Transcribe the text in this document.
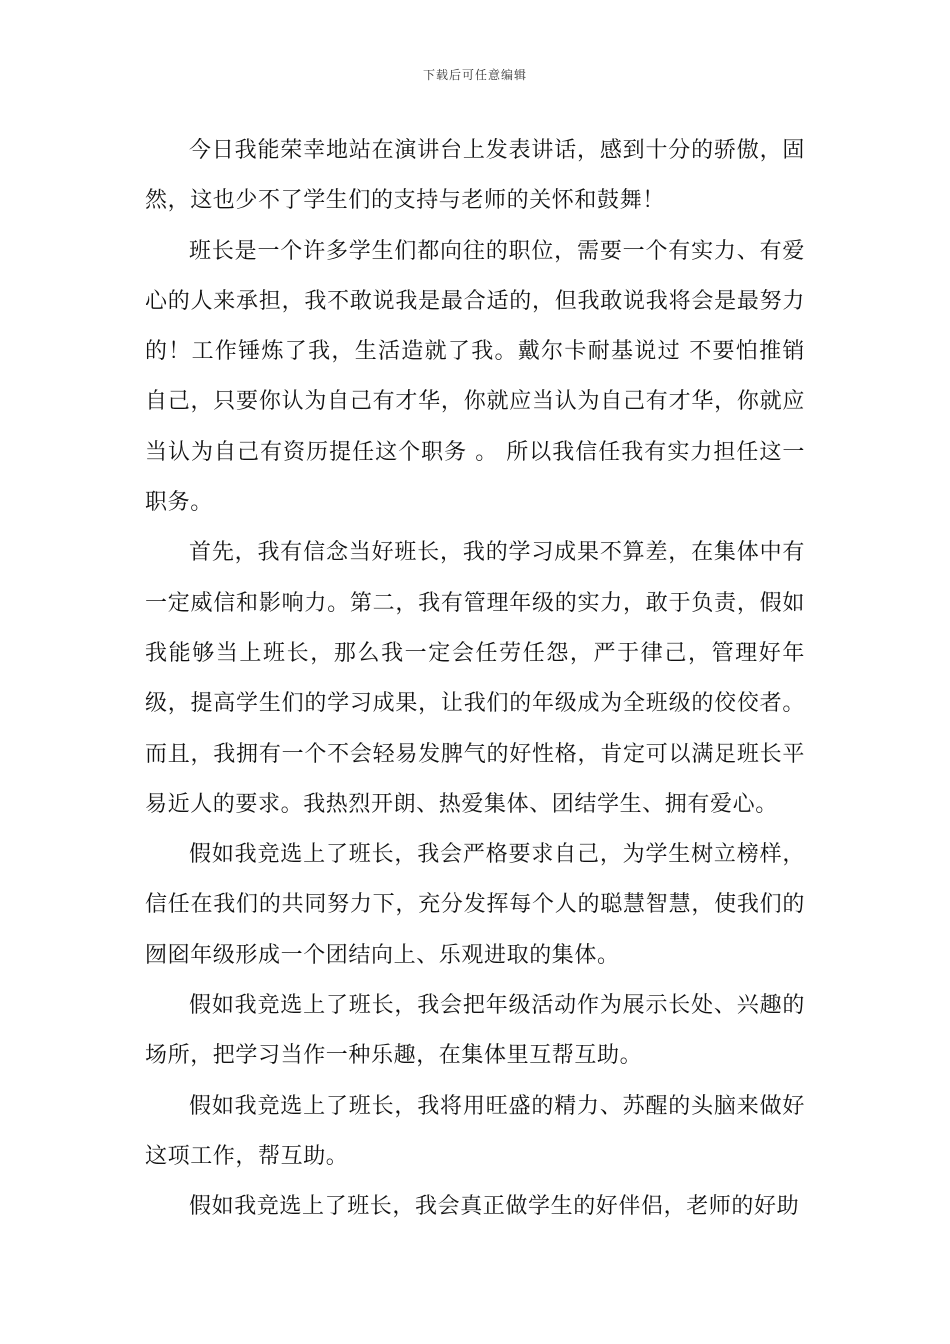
下载后可任意编辑

今日我能荣幸地站在演讲台上发表讲话，感到十分的骄傲，固然，这也少不了学生们的支持与老师的关怀和鼓舞！

班长是一个许多学生们都向往的职位，需要一个有实力、有爱心的人来承担，我不敢说我是最合适的，但我敢说我将会是最努力的！工作锤炼了我，生活造就了我。戴尔卡耐基说过 不要怕推销自己，只要你认为自己有才华，你就应当认为自己有才华，你就应当认为自己有资历提任这个职务 。 所以我信任我有实力担任这一职务。

首先，我有信念当好班长，我的学习成果不算差，在集体中有一定威信和影响力。第二，我有管理年级的实力，敢于负责，假如我能够当上班长，那么我一定会任劳任怨，严于律己，管理好年级，提高学生们的学习成果，让我们的年级成为全班级的佼佼者。而且，我拥有一个不会轻易发脾气的好性格，肯定可以满足班长平易近人的要求。我热烈开朗、热爱集体、团结学生、拥有爱心。

假如我竞选上了班长，我会严格要求自己，为学生树立榜样，信任在我们的共同努力下，充分发挥每个人的聪慧智慧，使我们的囫囵年级形成一个团结向上、乐观进取的集体。

假如我竞选上了班长，我会把年级活动作为展示长处、兴趣的场所，把学习当作一种乐趣，在集体里互帮互助。

假如我竞选上了班长，我将用旺盛的精力、苏醒的头脑来做好这项工作，帮互助。

假如我竞选上了班长，我会真正做学生的好伴侣，老师的好助
